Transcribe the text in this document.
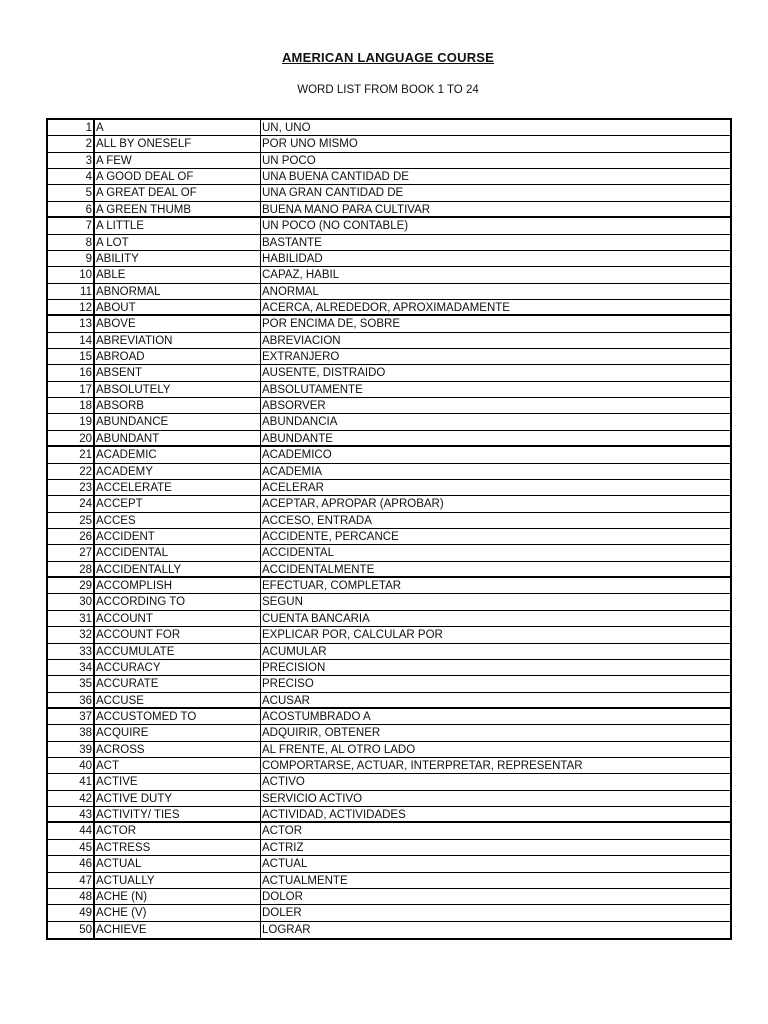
AMERICAN LANGUAGE COURSE
WORD LIST FROM BOOK 1 TO 24
1 A	UN, UNO
2 ALL BY ONESELF	POR UNO MISMO
3 A FEW	UN POCO
4 A GOOD DEAL OF	UNA BUENA CANTIDAD DE
5 A GREAT DEAL OF	UNA GRAN CANTIDAD DE
6 A GREEN THUMB	BUENA MANO PARA CULTIVAR
7 A LITTLE	UN POCO (NO CONTABLE)
8 A LOT	BASTANTE
9 ABILITY	HABILIDAD
10 ABLE	CAPAZ, HABIL
11 ABNORMAL	ANORMAL
12 ABOUT	ACERCA, ALREDEDOR, APROXIMADAMENTE
13 ABOVE	POR ENCIMA DE, SOBRE
14 ABREVIATION	ABREVIACION
15 ABROAD	EXTRANJERO
16 ABSENT	AUSENTE, DISTRAIDO
17 ABSOLUTELY	ABSOLUTAMENTE
18 ABSORB	ABSORVER
19 ABUNDANCE	ABUNDANCIA
20 ABUNDANT	ABUNDANTE
21 ACADEMIC	ACADEMICO
22 ACADEMY	ACADEMIA
23 ACCELERATE	ACELERAR
24 ACCEPT	ACEPTAR, APROPAR (APROBAR)
25 ACCES	ACCESO, ENTRADA
26 ACCIDENT	ACCIDENTE, PERCANCE
27 ACCIDENTAL	ACCIDENTAL
28 ACCIDENTALLY	ACCIDENTALMENTE
29 ACCOMPLISH	EFECTUAR, COMPLETAR
30 ACCORDING TO	SEGUN
31 ACCOUNT	CUENTA BANCARIA
32 ACCOUNT FOR	EXPLICAR POR, CALCULAR POR
33 ACCUMULATE	ACUMULAR
34 ACCURACY	PRECISION
35 ACCURATE	PRECISO
36 ACCUSE	ACUSAR
37 ACCUSTOMED TO	ACOSTUMBRADO A
38 ACQUIRE	ADQUIRIR, OBTENER
39 ACROSS	AL FRENTE, AL OTRO LADO
40 ACT	COMPORTARSE, ACTUAR, INTERPRETAR, REPRESENTAR
41 ACTIVE	ACTIVO
42 ACTIVE DUTY	SERVICIO ACTIVO
43 ACTIVITY/ TIES	ACTIVIDAD, ACTIVIDADES
44 ACTOR	ACTOR
45 ACTRESS	ACTRIZ
46 ACTUAL	ACTUAL
47 ACTUALLY	ACTUALMENTE
48 ACHE (N)	DOLOR
49 ACHE (V)	DOLER
50 ACHIEVE	LOGRAR
